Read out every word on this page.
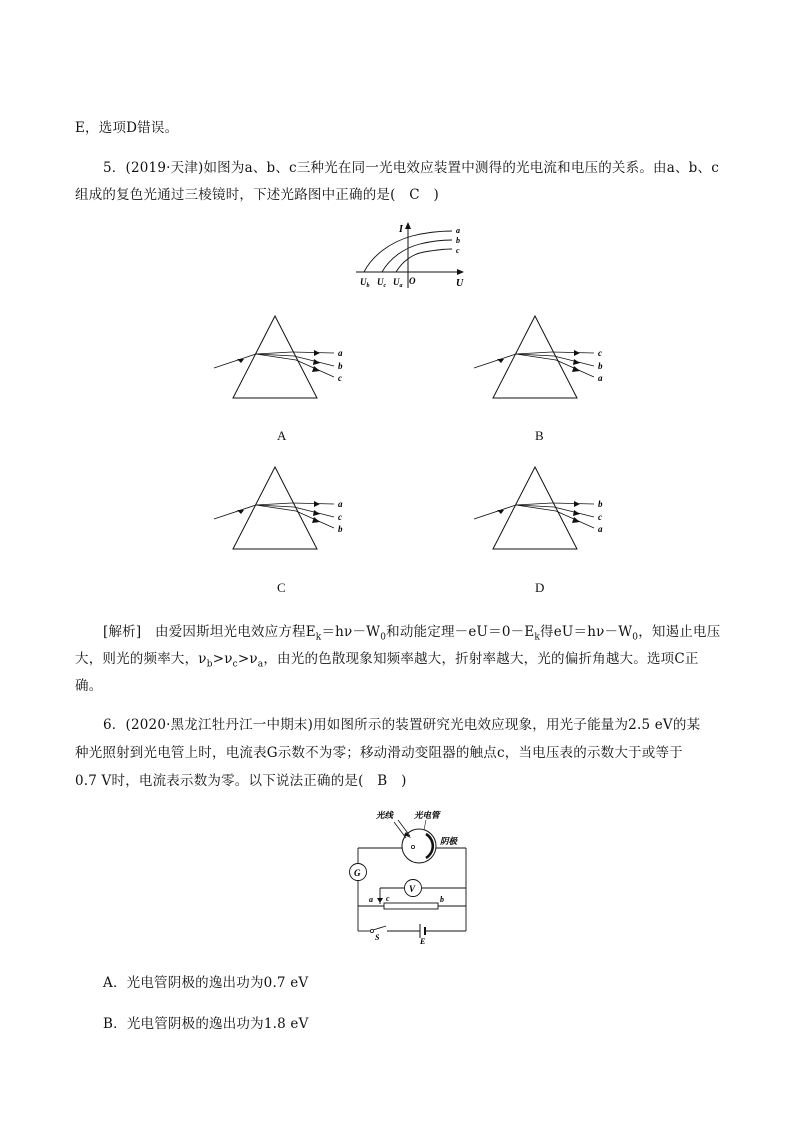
E，选项D错误。
5．(2019·天津)如图为a、b、c三种光在同一光电效应装置中测得的光电流和电压的关系。由a、b、c
组成的复色光通过三棱镜时，下述光路图中正确的是(　C　)
I
U
O
a
b
c
$U_b$ $U_c$ $U_a$
a
b
c
A
c
b
a
B
a
c
b
C
b
c
a
D
[解析]　由爱因斯坦光电效应方程$E_k=h\nu-W_0$和动能定理$-eU=0-E_k$得$eU=h\nu-W_0$，知遏止电压
大，则光的频率大，$\nu_b>\nu_c>\nu_a$，由光的色散现象知频率越大，折射率越大，光的偏折角越大。选项C正
确。
6．(2020·黑龙江牡丹江一中期末)用如图所示的装置研究光电效应现象，用光子能量为2.5 eV的某
种光照射到光电管上时，电流表G示数不为零；移动滑动变阻器的触点c，当电压表的示数大于或等于
0.7 V时，电流表示数为零。以下说法正确的是(　B　)
G
V
a c	b
S	E
光线 光电管
阴极
A．光电管阴极的逸出功为0.7 eV
B．光电管阴极的逸出功为1.8 eV
